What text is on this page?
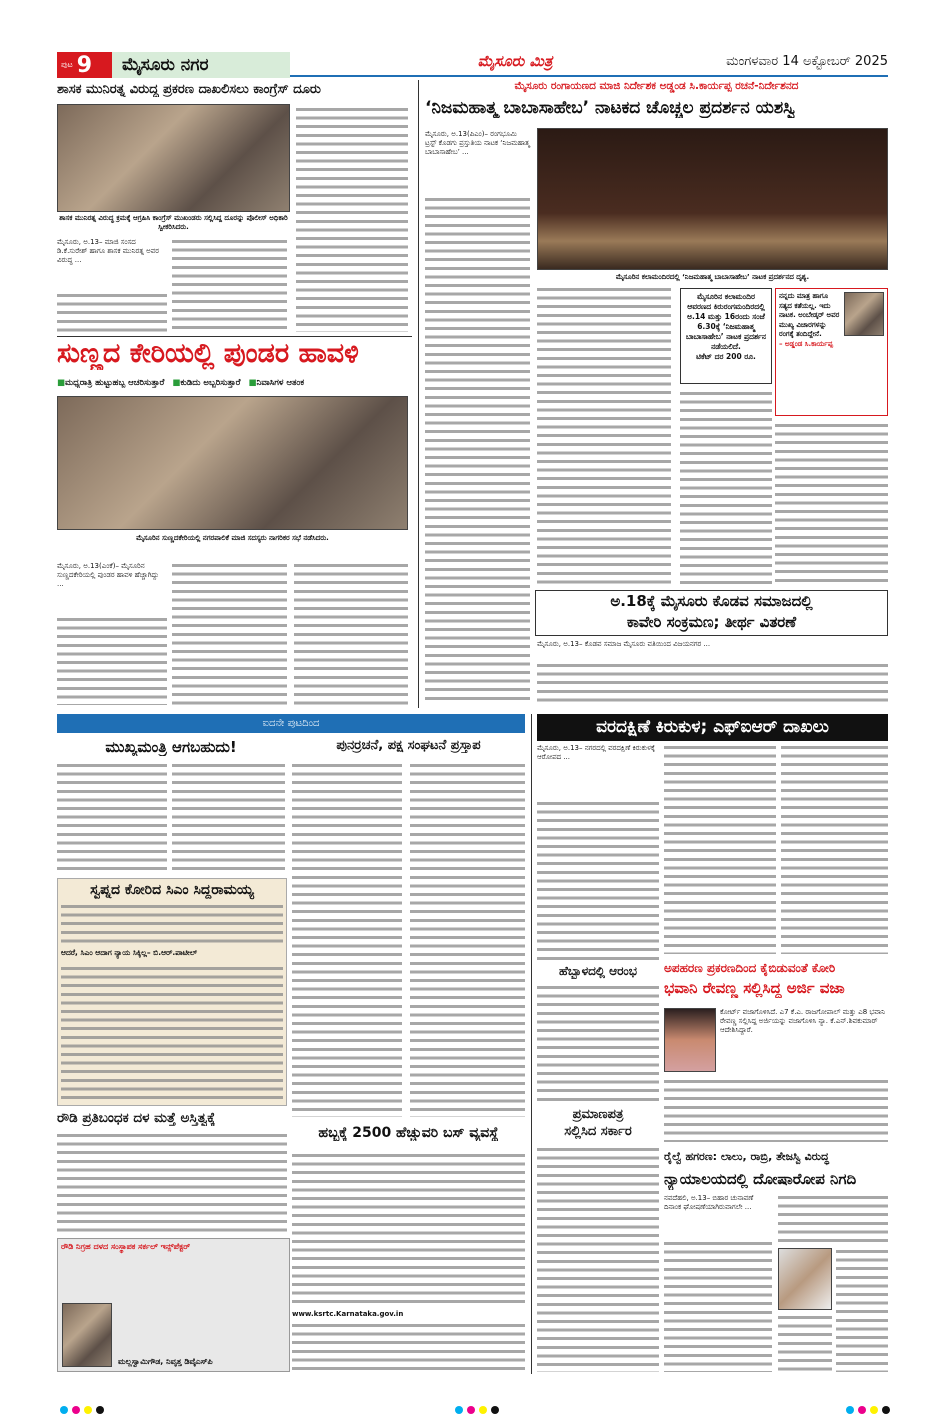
ಪುಟ 9	ಮೈಸೂರು ನಗರ	ಮೈಸೂರು ಮಿತ್ರ	ಮಂಗಳವಾರ 14 ಅಕ್ಟೋಬರ್ 2025
ಶಾಸಕ ಮುನಿರತ್ನ ವಿರುದ್ಧ ಪ್ರಕರಣ ದಾಖಲಿಸಲು ಕಾಂಗ್ರೆಸ್ ದೂರು
ಶಾಸಕ ಮುನಿರತ್ನ ವಿರುದ್ಧ ಕ್ರಮಕ್ಕೆ ಆಗ್ರಹಿಸಿ ಕಾಂಗ್ರೆಸ್ ಮುಖಂಡರು ಸಲ್ಲಿಸಿದ್ದ ದೂರನ್ನು ಪೊಲೀಸ್ ಅಧಿಕಾರಿ ಸ್ವೀಕರಿಸಿದರು.
ಮೈಸೂರು, ಅ.13– ಮಾಜಿ ಸಂಸದ ಡಿ.ಕೆ.ಸುರೇಶ್ ಹಾಗೂ ಶಾಸಕ ಮುನಿರತ್ನ ಅವರ ವಿರುದ್ಧ ...
ಸುಣ್ಣದ ಕೇರಿಯಲ್ಲಿ ಪುಂಡರ ಹಾವಳಿ
■ಮಧ್ಯರಾತ್ರಿ ಹುಟ್ಟುಹಬ್ಬ ಆಚರಿಸುತ್ತಾರೆ ■ಕುಡಿದು ಅಬ್ಬರಿಸುತ್ತಾರೆ ■ನಿವಾಸಿಗಳ ಆತಂಕ
ಮೈಸೂರಿನ ಸುಣ್ಣದಕೇರಿಯಲ್ಲಿ ನಗರಪಾಲಿಕೆ ಮಾಜಿ ಸದಸ್ಯರು ನಾಗರಿಕರ ಸಭೆ ನಡೆಸಿದರು.
ಮೈಸೂರು, ಅ.13(ಎಂಕೆ)– ಮೈಸೂರಿನ ಸುಣ್ಣದಕೇರಿಯಲ್ಲಿ ಪುಂಡರ ಹಾವಳಿ ಹೆಚ್ಚಾಗಿದ್ದು ...
ಮೈಸೂರು ರಂಗಾಯಣದ ಮಾಜಿ ನಿರ್ದೇಶಕ ಅಡ್ಡಂಡ ಸಿ.ಕಾರ್ಯಪ್ಪ ರಚನೆ-ನಿರ್ದೇಶನದ
‘ನಿಜಮಹಾತ್ಮ ಬಾಬಾಸಾಹೇಬ’ ನಾಟಕದ ಚೊಚ್ಚಲ ಪ್ರದರ್ಶನ ಯಶಸ್ವಿ
ಮೈಸೂರು, ಅ.13(ಪಿಎಂ)– ರಂಗಭೂಮಿ ಟ್ರಸ್ಟ್ ಕೊಡಗು ಪ್ರಸ್ತುತಿಯ ನಾಟಕ ‘ನಿಜಮಹಾತ್ಮ ಬಾಬಾಸಾಹೇಬ’ ...
ಮೈಸೂರಿನ ಕಲಾಮಂದಿರದಲ್ಲಿ ‘ನಿಜಮಹಾತ್ಮ ಬಾಬಾಸಾಹೇಬ’ ನಾಟಕ ಪ್ರದರ್ಶನದ ದೃಶ್ಯ.
ಮೈಸೂರಿನ ಕಲಾಮಂದಿರ ಆವರಣದ ಕಿರುರಂಗಮಂದಿರದಲ್ಲಿ ಅ.14 ಮತ್ತು 16ರಂದು ಸಂಜೆ 6.30ಕ್ಕೆ ‘ನಿಜಮಹಾತ್ಮ ಬಾಬಾಸಾಹೇಬ’ ನಾಟಕ ಪ್ರದರ್ಶನ ನಡೆಯಲಿದೆ.
ಟಿಕೆಟ್ ದರ 200 ರೂ.
ನನ್ನದು ಮಾತ್ರ ಹಾಗೂ ಸತ್ಯದ ಕತೆಯಲ್ಲ. ಇದು ನಾಟಕ. ಅಂಬೇಡ್ಕರ್ ಅವರ ಮುಖ್ಯ ವಿಚಾರಗಳನ್ನು ರಂಗಕ್ಕೆ ತಂದಿದ್ದೇನೆ.
– ಅಡ್ಡಂಡ ಸಿ.ಕಾರ್ಯಪ್ಪ
ಅ.18ಕ್ಕೆ ಮೈಸೂರು ಕೊಡವ ಸಮಾಜದಲ್ಲಿ
ಕಾವೇರಿ ಸಂಕ್ರಮಣ; ತೀರ್ಥ ವಿತರಣೆ
ಮೈಸೂರು, ಅ.13– ಕೊಡವ ಸಮಾಜ ಮೈಸೂರು ವತಿಯಿಂದ ವಿಜಯನಗರ ...
ಐದನೇ ಪುಟದಿಂದ
ಮುಖ್ಯಮಂತ್ರಿ ಆಗಬಹುದು!	ಪುನರ್ರಚನೆ, ಪಕ್ಷ ಸಂಘಟನೆ ಪ್ರಸ್ತಾಪ
ಸ್ವಪ್ನದ ಕೋರಿದ ಸಿಎಂ ಸಿದ್ದರಾಮಯ್ಯ
ಆದರೆ, ಸಿಎಂ ಆದಾಗ ನ್ಯಾಯ ಸಿಕ್ಕಿಲ್ಲ– ಬಿ.ಆರ್.ಪಾಟೀಲ್
ರೌಡಿ ಪ್ರತಿಬಂಧಕ ದಳ ಮತ್ತೆ ಅಸ್ತಿತ್ವಕ್ಕೆ
ಹಬ್ಬಕ್ಕೆ 2500 ಹೆಚ್ಚುವರಿ ಬಸ್ ವ್ಯವಸ್ಥೆ
www.ksrtc.Karnataka.gov.in
ರೌಡಿ ನಿಗ್ರಹ ದಳದ ಸಂಸ್ಥಾಪಕ ಸರ್ಕಲ್ ಇನ್ಸ್‌ಪೆಕ್ಟರ್
ಮಲ್ಲಸ್ವಾಮಿಗೌಡ, ನಿವೃತ್ತ ಡಿವೈಎಸ್‌ಪಿ
ವರದಕ್ಷಿಣೆ ಕಿರುಕುಳ; ಎಫ್‌ಐಆರ್ ದಾಖಲು
ಮೈಸೂರು, ಅ.13– ನಗರದಲ್ಲಿ ವರದಕ್ಷಿಣೆ ಕಿರುಕುಳಕ್ಕೆ ಆರೋಪದ ...
ಹೆಬ್ಬಾಳದಲ್ಲಿ ಆರಂಭ
ಪ್ರಮಾಣಪತ್ರ
ಸಲ್ಲಿಸಿದ ಸರ್ಕಾರ
ಅಪಹರಣ ಪ್ರಕರಣದಿಂದ ಕೈಬಿಡುವಂತೆ ಕೋರಿ
ಭವಾನಿ ರೇವಣ್ಣ ಸಲ್ಲಿಸಿದ್ದ ಅರ್ಜಿ ವಜಾ
ಕೋರ್ಟ್ ವಜಾಗೊಳಿಸಿದೆ. ಎ7 ಕೆ.ಎ. ರಾಜಗೋಪಾಲ್ ಮತ್ತು ಎ8 ಭವಾನಿ ರೇವಣ್ಣ ಸಲ್ಲಿಸಿದ್ದ ಅರ್ಜಿಯನ್ನು ವಜಾಗೊಳಿಸಿ ನ್ಯಾ. ಕೆ.ಎನ್.ಶಿವಕುಮಾರ್ ಆದೇಶಿಸಿದ್ದಾರೆ.
ರೈಲ್ವೆ ಹಗರಣ: ಲಾಲು, ರಾಬ್ರಿ, ತೇಜಸ್ವಿ ವಿರುದ್ಧ
ನ್ಯಾಯಾಲಯದಲ್ಲಿ ದೋಷಾರೋಪ ನಿಗದಿ
ನವದೆಹಲಿ, ಅ.13– ಬಿಹಾರ ಚುನಾವಣೆ ದಿನಾಂಕ ಘೋಷಣೆಯಾಗಿರುವಾಗಲೇ ...
